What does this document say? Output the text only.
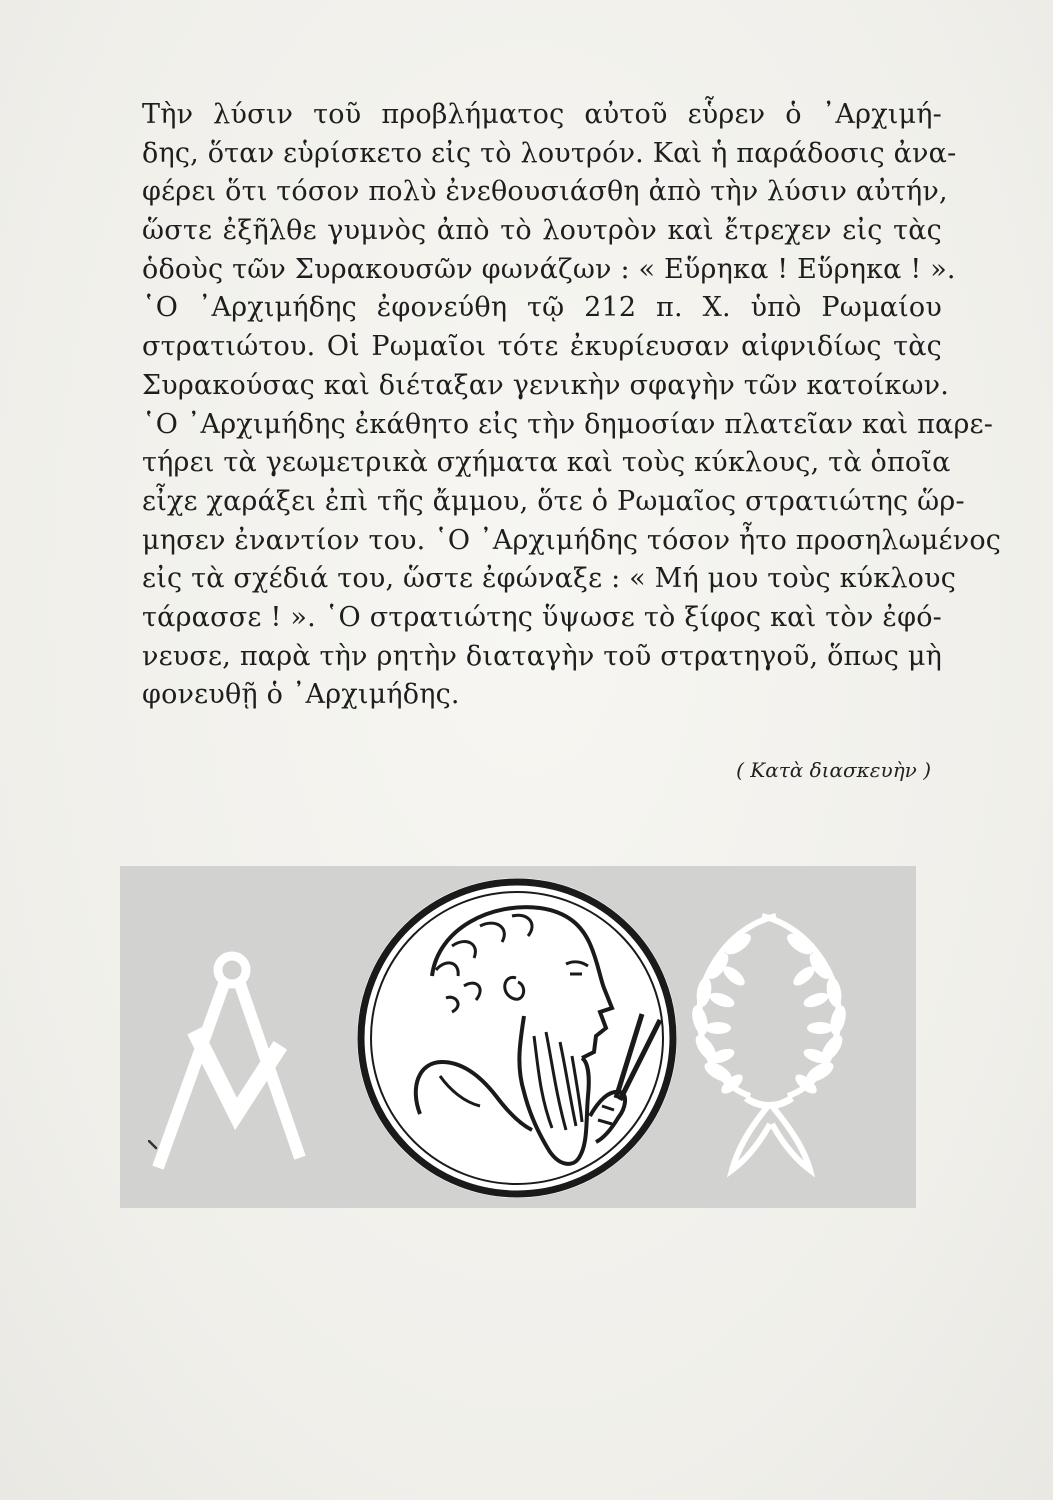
Τὴν λύσιν τοῦ προβλήματος αὐτοῦ εὗρεν ὁ ᾿Αρχιμή-
δης, ὅταν εὑρίσκετο εἰς τὸ λουτρόν. Καὶ ἡ παράδοσις ἀνα-
φέρει ὅτι τόσον πολὺ ἐνεθουσιάσθη ἀπὸ τὴν λύσιν αὐτήν,
ὥστε ἐξῆλθε γυμνὸς ἀπὸ τὸ λουτρὸν καὶ ἔτρεχεν εἰς τὰς
ὁδοὺς τῶν Συρακουσῶν φωνάζων : « Εὕρηκα ! Εὕρηκα ! ».
῾Ο ᾿Αρχιμήδης ἐφονεύθη τῷ 212 π. Χ. ὑπὸ Ρωμαίου
στρατιώτου. Οἱ Ρωμαῖοι τότε ἐκυρίευσαν αἰφνιδίως τὰς
Συρακούσας καὶ διέταξαν γενικὴν σφαγὴν τῶν κατοίκων.
῾Ο ᾿Αρχιμήδης ἐκάθητο εἰς τὴν δημοσίαν πλατεῖαν καὶ παρε-
τήρει τὰ γεωμετρικὰ σχήματα καὶ τοὺς κύκλους, τὰ ὁποῖα
εἶχε χαράξει ἐπὶ τῆς ἄμμου, ὅτε ὁ Ρωμαῖος στρατιώτης ὥρ-
μησεν ἐναντίον του. ῾Ο ᾿Αρχιμήδης τόσον ἦτο προσηλωμένος
εἰς τὰ σχέδιά του, ὥστε ἐφώναξε : « Μή μου τοὺς κύκλους
τάρασσε ! ». ῾Ο στρατιώτης ὕψωσε τὸ ξίφος καὶ τὸν ἐφό-
νευσε, παρὰ τὴν ρητὴν διαταγὴν τοῦ στρατηγοῦ, ὅπως μὴ
φονευθῇ ὁ ᾿Αρχιμήδης.
( Κατὰ διασκευὴν )
